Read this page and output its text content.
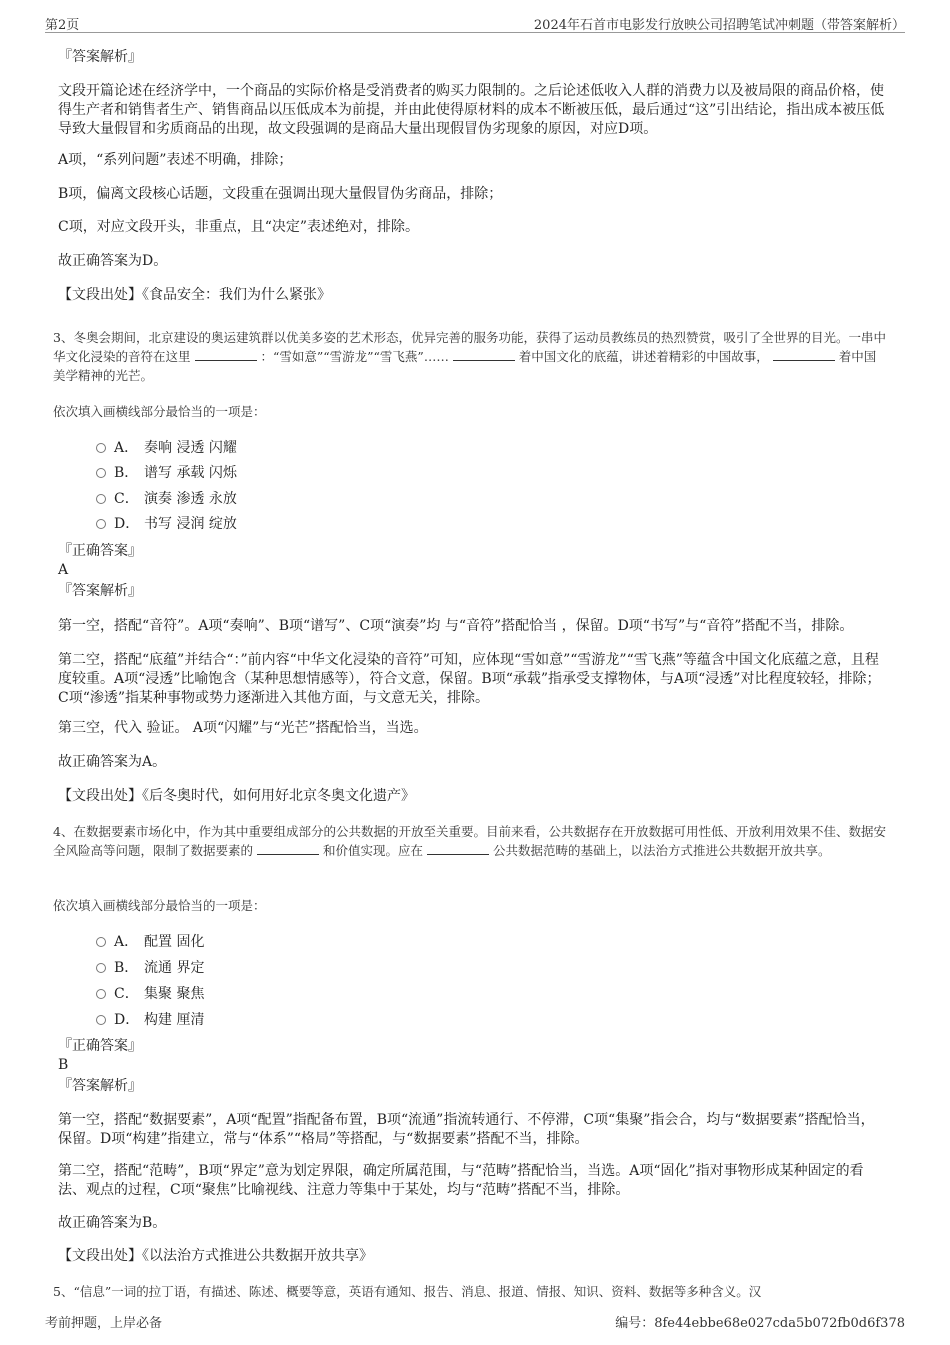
第2页	2024年石首市电影发行放映公司招聘笔试冲刺题（带答案解析）
『答案解析』
文段开篇论述在经济学中，一个商品的实际价格是受消费者的购买力限制的。之后论述低收入人群的消费力以及被局限的商品价格，使得生产者和销售者生产、销售商品以压低成本为前提，并由此使得原材料的成本不断被压低，最后通过“这”引出结论，指出成本被压低导致大量假冒和劣质商品的出现，故文段强调的是商品大量出现假冒伪劣现象的原因，对应D项。
A项，“系列问题”表述不明确，排除；
B项，偏离文段核心话题，文段重在强调出现大量假冒伪劣商品，排除；
C项，对应文段开头，非重点，且“决定”表述绝对，排除。
故正确答案为D。
【文段出处】《食品安全：我们为什么紧张》
3、冬奥会期间，北京建设的奥运建筑群以优美多姿的艺术形态，优异完善的服务功能，获得了运动员教练员的热烈赞赏，吸引了全世界的目光。一串中华文化浸染的音符在这里	：“雪如意”“雪游龙”“雪飞燕”……	着中国文化的底蕴，讲述着精彩的中国故事，	着中国美学精神的光芒。
依次填入画横线部分最恰当的一项是：
A． 奏响 浸透 闪耀
B． 谱写 承载 闪烁
C． 演奏 渗透 永放
D． 书写 浸润 绽放
『正确答案』
A
『答案解析』
第一空，搭配“音符”。A项“奏响”、B项“谱写”、C项“演奏”均 与“音符”搭配恰当 ，保留。D项“书写”与“音符”搭配不当，排除。
第二空，搭配“底蕴”并结合“：”前内容“中华文化浸染的音符”可知，应体现“雪如意”“雪游龙”“雪飞燕”等蕴含中国文化底蕴之意，且程度较重。A项“浸透”比喻饱含（某种思想情感等），符合文意，保留。B项“承载”指承受支撑物体，与A项“浸透”对比程度较轻，排除；C项“渗透”指某种事物或势力逐渐进入其他方面，与文意无关，排除。
第三空，代入 验证。 A项“闪耀”与“光芒”搭配恰当，当选。
故正确答案为A。
【文段出处】《后冬奥时代，如何用好北京冬奥文化遗产》
4、在数据要素市场化中，作为其中重要组成部分的公共数据的开放至关重要。目前来看，公共数据存在开放数据可用性低、开放利用效果不佳、数据安全风险高等问题，限制了数据要素的	和价值实现。应在	公共数据范畴的基础上，以法治方式推进公共数据开放共享。
依次填入画横线部分最恰当的一项是：
A． 配置 固化
B． 流通 界定
C． 集聚 聚焦
D． 构建 厘清
『正确答案』
B
『答案解析』
第一空，搭配“数据要素”，A项“配置”指配备布置，B项“流通”指流转通行、不停滞，C项“集聚”指会合，均与“数据要素”搭配恰当，保留。D项“构建”指建立，常与“体系”“格局”等搭配，与“数据要素”搭配不当，排除。
第二空，搭配“范畴”，B项“界定”意为划定界限，确定所属范围，与“范畴”搭配恰当，当选。A项“固化”指对事物形成某种固定的看法、观点的过程，C项“聚焦”比喻视线、注意力等集中于某处，均与“范畴”搭配不当，排除。
故正确答案为B。
【文段出处】《以法治方式推进公共数据开放共享》
5、“信息”一词的拉丁语，有描述、陈述、概要等意，英语有通知、报告、消息、报道、情报、知识、资料、数据等多种含义。汉
考前押题，上岸必备	编号：8fe44ebbe68e027cda5b072fb0d6f378
